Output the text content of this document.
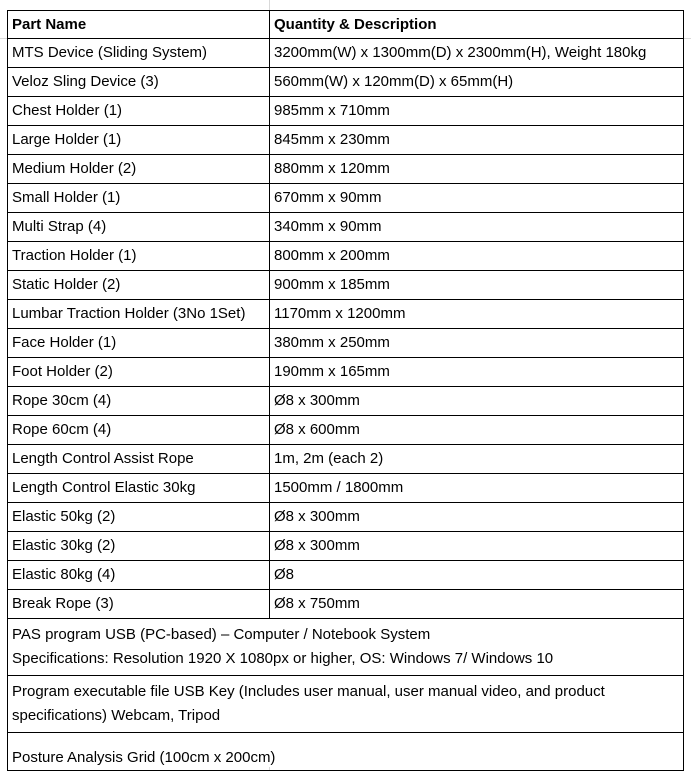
Part Name	Quantity & Description
MTS Device (Sliding System)	3200mm(W) x 1300mm(D) x 2300mm(H), Weight 180kg
Veloz Sling Device (3)	560mm(W) x 120mm(D) x 65mm(H)
Chest Holder (1)	985mm x 710mm
Large Holder (1)	845mm x 230mm
Medium Holder (2)	880mm x 120mm
Small Holder (1)	670mm x 90mm
Multi Strap (4)	340mm x 90mm
Traction Holder (1)	800mm x 200mm
Static Holder (2)	900mm x 185mm
Lumbar Traction Holder (3No 1Set)	1170mm x 1200mm
Face Holder (1)	380mm x 250mm
Foot Holder (2)	190mm x 165mm
Rope 30cm (4)	Ø8 x 300mm
Rope 60cm (4)	Ø8 x 600mm
Length Control Assist Rope	1m, 2m (each 2)
Length Control Elastic 30kg	1500mm / 1800mm
Elastic 50kg (2)	Ø8 x 300mm
Elastic 30kg (2)	Ø8 x 300mm
Elastic 80kg (4)	Ø8
Break Rope (3)	Ø8 x 750mm

PAS program USB (PC-based) – Computer / Notebook System
Specifications: Resolution 1920 X 1080px or higher, OS: Windows 7/ Windows 10	

Program executable file USB Key (Includes user manual, user manual video, and product
specifications) Webcam, Tripod	

Posture Analysis Grid (100cm x 200cm)	
